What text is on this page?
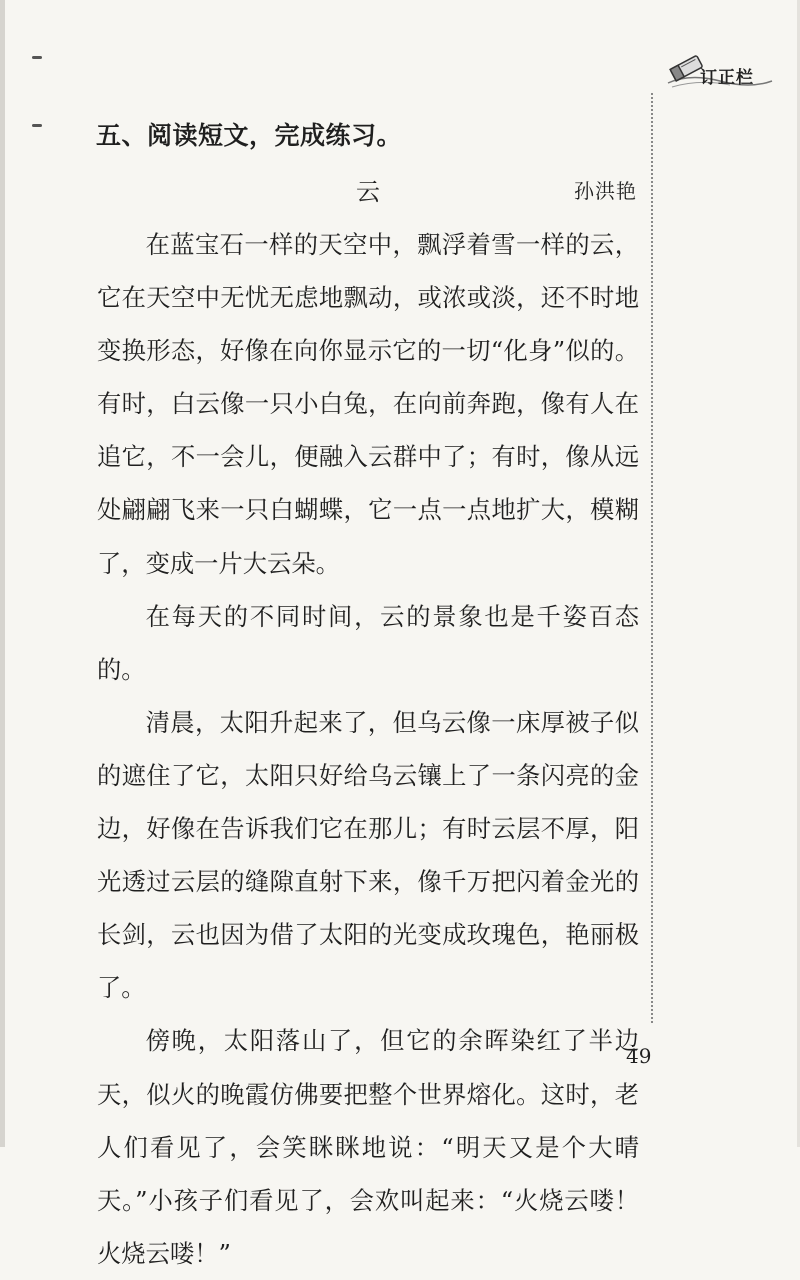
订正栏
五、阅读短文，完成练习。
云	孙洪艳

在蓝宝石一样的天空中，飘浮着雪一样的云，它在天空中无忧无虑地飘动，或浓或淡，还不时地变换形态，好像在向你显示它的一切“化身”似的。有时，白云像一只小白兔，在向前奔跑，像有人在追它，不一会儿，便融入云群中了；有时，像从远处翩翩飞来一只白蝴蝶，它一点一点地扩大，模糊了，变成一片大云朵。

在每天的不同时间，云的景象也是千姿百态的。

清晨，太阳升起来了，但乌云像一床厚被子似的遮住了它，太阳只好给乌云镶上了一条闪亮的金边，好像在告诉我们它在那儿；有时云层不厚，阳光透过云层的缝隙直射下来，像千万把闪着金光的长剑，云也因为借了太阳的光变成玫瑰色，艳丽极了。

傍晚，太阳落山了，但它的余晖染红了半边天，似火的晚霞仿佛要把整个世界熔化。这时，老人们看见了，会笑眯眯地说：“明天又是个大晴天。”小孩子们看见了，会欢叫起来：“火烧云喽！火烧云喽！”

49
